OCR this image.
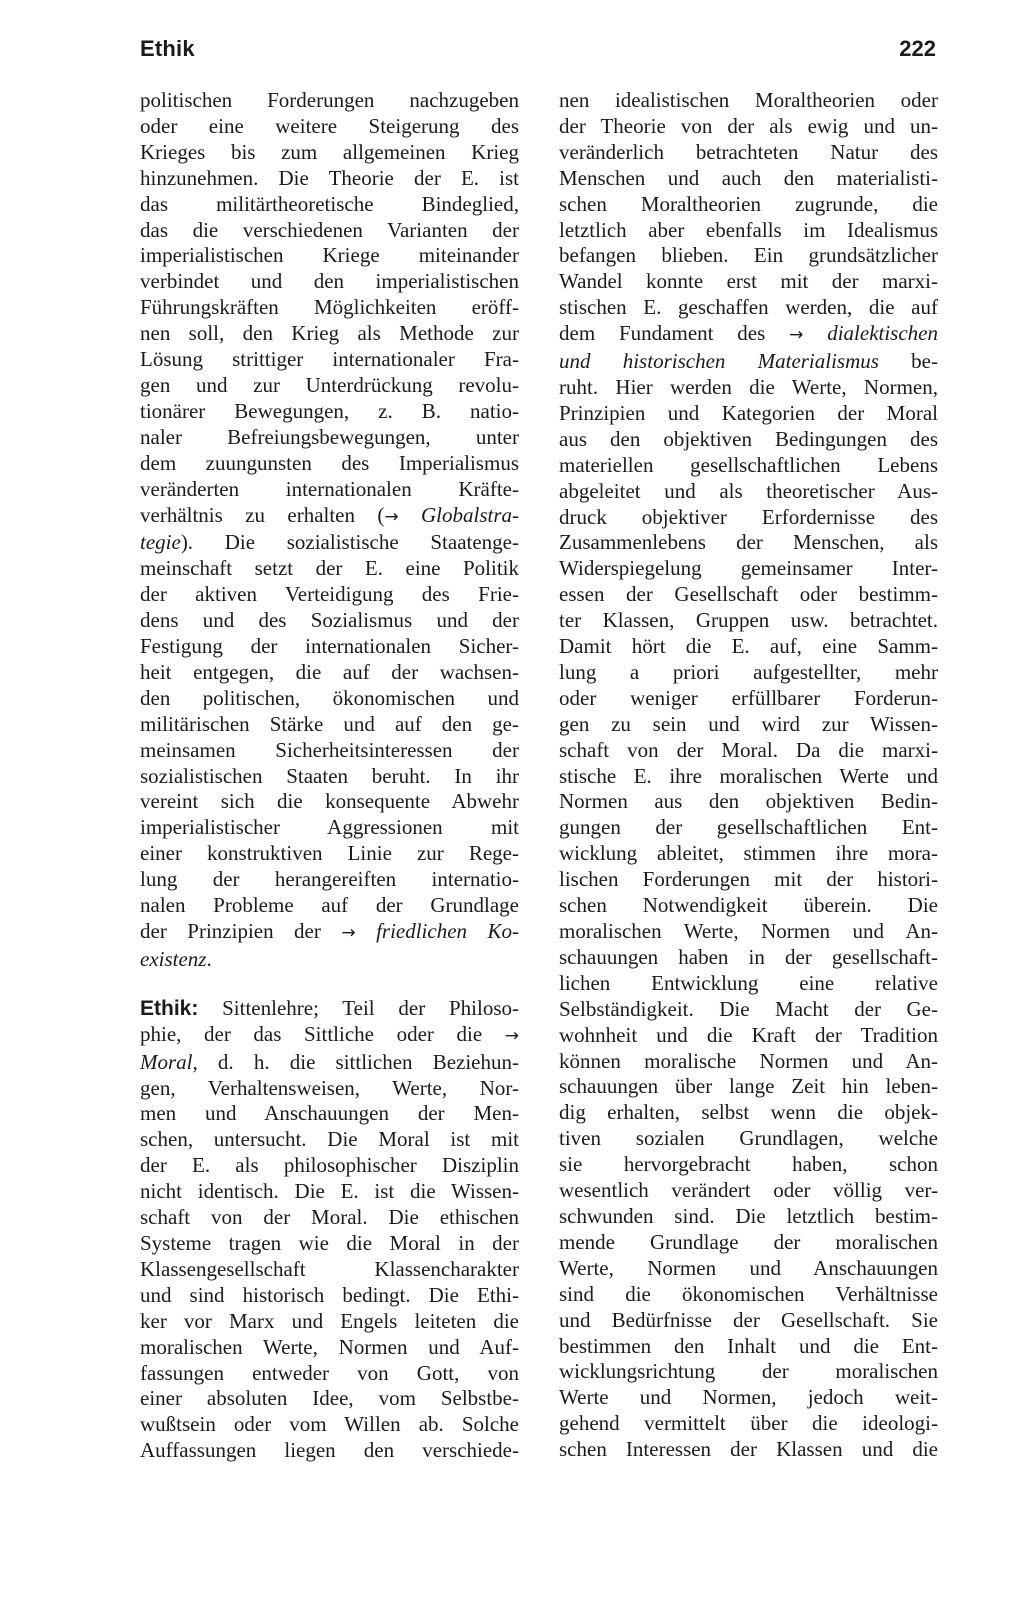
Ethik	222
politischen Forderungen nachzugeben
oder eine weitere Steigerung des
Krieges bis zum allgemeinen Krieg
hinzunehmen. Die Theorie der E. ist
das militärtheoretische Bindeglied,
das die verschiedenen Varianten der
imperialistischen Kriege miteinander
verbindet und den imperialistischen
Führungskräften Möglichkeiten eröff-
nen soll, den Krieg als Methode zur
Lösung strittiger internationaler Fra-
gen und zur Unterdrückung revolu-
tionärer Bewegungen, z. B. natio-
naler Befreiungsbewegungen, unter
dem zuungunsten des Imperialismus
veränderten internationalen Kräfte-
verhältnis zu erhalten (→ Globalstra-
tegie). Die sozialistische Staatenge-
meinschaft setzt der E. eine Politik
der aktiven Verteidigung des Frie-
dens und des Sozialismus und der
Festigung der internationalen Sicher-
heit entgegen, die auf der wachsen-
den politischen, ökonomischen und
militärischen Stärke und auf den ge-
meinsamen Sicherheitsinteressen der
sozialistischen Staaten beruht. In ihr
vereint sich die konsequente Abwehr
imperialistischer Aggressionen mit
einer konstruktiven Linie zur Rege-
lung der herangereiften internatio-
nalen Probleme auf der Grundlage
der Prinzipien der → friedlichen Ko-
existenz.
Ethik: Sittenlehre; Teil der Philoso-
phie, der das Sittliche oder die →
Moral, d. h. die sittlichen Beziehun-
gen, Verhaltensweisen, Werte, Nor-
men und Anschauungen der Men-
schen, untersucht. Die Moral ist mit
der E. als philosophischer Disziplin
nicht identisch. Die E. ist die Wissen-
schaft von der Moral. Die ethischen
Systeme tragen wie die Moral in der
Klassengesellschaft Klassencharakter
und sind historisch bedingt. Die Ethi-
ker vor Marx und Engels leiteten die
moralischen Werte, Normen und Auf-
fassungen entweder von Gott, von
einer absoluten Idee, vom Selbstbe-
wußtsein oder vom Willen ab. Solche
Auffassungen liegen den verschiede-
nen idealistischen Moraltheorien oder
der Theorie von der als ewig und un-
veränderlich betrachteten Natur des
Menschen und auch den materialisti-
schen Moraltheorien zugrunde, die
letztlich aber ebenfalls im Idealismus
befangen blieben. Ein grundsätzlicher
Wandel konnte erst mit der marxi-
stischen E. geschaffen werden, die auf
dem Fundament des → dialektischen
und historischen Materialismus be-
ruht. Hier werden die Werte, Normen,
Prinzipien und Kategorien der Moral
aus den objektiven Bedingungen des
materiellen gesellschaftlichen Lebens
abgeleitet und als theoretischer Aus-
druck objektiver Erfordernisse des
Zusammenlebens der Menschen, als
Widerspiegelung gemeinsamer Inter-
essen der Gesellschaft oder bestimm-
ter Klassen, Gruppen usw. betrachtet.
Damit hört die E. auf, eine Samm-
lung a priori aufgestellter, mehr
oder weniger erfüllbarer Forderun-
gen zu sein und wird zur Wissen-
schaft von der Moral. Da die marxi-
stische E. ihre moralischen Werte und
Normen aus den objektiven Bedin-
gungen der gesellschaftlichen Ent-
wicklung ableitet, stimmen ihre mora-
lischen Forderungen mit der histori-
schen Notwendigkeit überein. Die
moralischen Werte, Normen und An-
schauungen haben in der gesellschaft-
lichen Entwicklung eine relative
Selbständigkeit. Die Macht der Ge-
wohnheit und die Kraft der Tradition
können moralische Normen und An-
schauungen über lange Zeit hin leben-
dig erhalten, selbst wenn die objek-
tiven sozialen Grundlagen, welche
sie hervorgebracht haben, schon
wesentlich verändert oder völlig ver-
schwunden sind. Die letztlich bestim-
mende Grundlage der moralischen
Werte, Normen und Anschauungen
sind die ökonomischen Verhältnisse
und Bedürfnisse der Gesellschaft. Sie
bestimmen den Inhalt und die Ent-
wicklungsrichtung der moralischen
Werte und Normen, jedoch weit-
gehend vermittelt über die ideologi-
schen Interessen der Klassen und die
